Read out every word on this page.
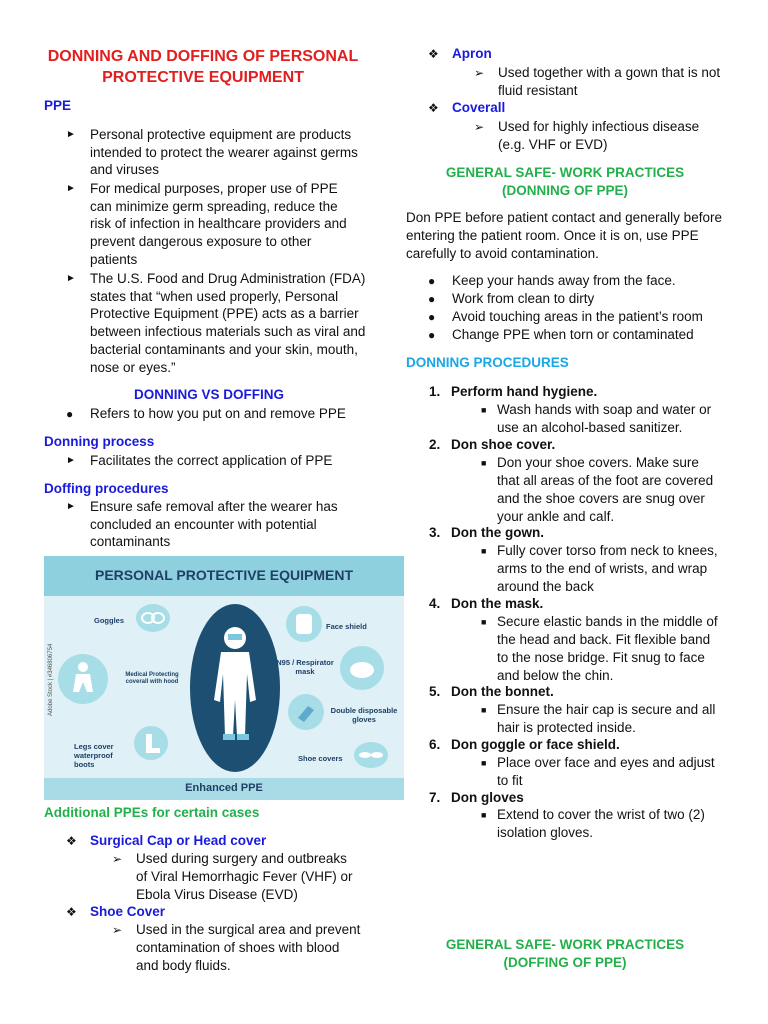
DONNING AND DOFFING OF PERSONAL PROTECTIVE EQUIPMENT
PPE
► Personal protective equipment are products intended to protect the wearer against germs and viruses
► For medical purposes, proper use of PPE can minimize germ spreading, reduce the risk of infection in healthcare providers and prevent dangerous exposure to other patients
► The U.S. Food and Drug Administration (FDA) states that “when used properly, Personal Protective Equipment (PPE) acts as a barrier between infectious materials such as viral and bacterial contaminants and your skin, mouth, nose or eyes.”
DONNING VS DOFFING
● Refers to how you put on and remove PPE
Donning process
► Facilitates the correct application of PPE
Doffing procedures
► Ensure safe removal after the wearer has concluded an encounter with potential contaminants
PERSONAL PROTECTIVE EQUIPMENT
Adobe Stock | #346806754
Goggles
Medical Protecting coverall with hood
Legs cover waterproof boots
Face shield
N95 / Respirator mask
Double disposable gloves
Shoe covers
Enhanced PPE
Additional PPEs for certain cases
❖ Surgical Cap or Head cover
➢ Used during surgery and outbreaks of Viral Hemorrhagic Fever (VHF) or Ebola Virus Disease (EVD)
❖ Shoe Cover
➢ Used in the surgical area and prevent contamination of shoes with blood and body fluids.
❖ Apron
➢ Used together with a gown that is not fluid resistant
❖ Coverall
➢ Used for highly infectious disease (e.g. VHF or EVD)
GENERAL SAFE- WORK PRACTICES
(DONNING OF PPE)
Don PPE before patient contact and generally before entering the patient room. Once it is on, use PPE carefully to avoid contamination.
● Keep your hands away from the face.
● Work from clean to dirty
● Avoid touching areas in the patient’s room
● Change PPE when torn or contaminated
DONNING PROCEDURES
1. Perform hand hygiene.
■ Wash hands with soap and water or use an alcohol-based sanitizer.
2. Don shoe cover.
■ Don your shoe covers. Make sure that all areas of the foot are covered and the shoe covers are snug over your ankle and calf.
3. Don the gown.
■ Fully cover torso from neck to knees, arms to the end of wrists, and wrap around the back
4. Don the mask.
■ Secure elastic bands in the middle of the head and back. Fit flexible band to the nose bridge. Fit snug to face and below the chin.
5. Don the bonnet.
■ Ensure the hair cap is secure and all hair is protected inside.
6. Don goggle or face shield.
■ Place over face and eyes and adjust to fit
7. Don gloves
■ Extend to cover the wrist of two (2) isolation gloves.
GENERAL SAFE- WORK PRACTICES
(DOFFING OF PPE)
